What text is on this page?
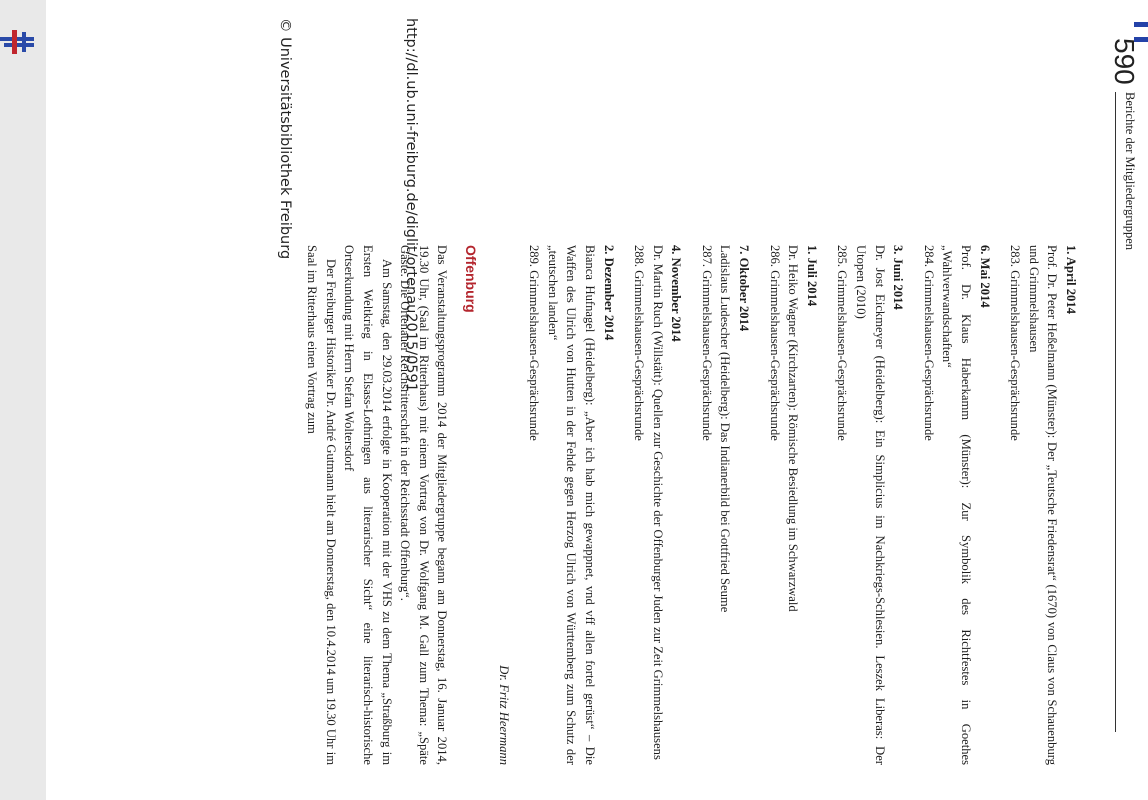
http://dl.ub.uni-freiburg.de/diglit/ortenau2015/0591
© Universitätsbibliothek Freiburg	590
Berichte der Mitgliedergruppen

1. April 2014

Prof. Dr. Peter Heßelmann (Münster): Der „Teutsche Friedensrat“ (1670) von Claus von Schauenburg und Grimmelshausen

283. Grimmelshausen-Gesprächsrunde

6. Mai 2014

Prof. Dr. Klaus Haberkamm (Münster): Zur Symbolik des Richtfestes in Goethes „Wahlverwandschaften“

284. Grimmelshausen-Gesprächsrunde

3. Juni 2014

Dr. Jost Eickmeyer (Heidelberg): Ein Simplicius im Nachkriegs-Schlesien. Leszek Liberas: Der Utopen (2010)

285. Grimmelshausen-Gesprächsrunde

1. Juli 2014

Dr. Heiko Wagner (Kirchzarten): Römische Besiedlung im Schwarzwald

286. Grimmelshausen-Gesprächsrunde

7. Oktober 2014

Ladislaus Ludescher (Heidelberg): Das Indianerbild bei Gottfried Seume

287. Grimmelshausen-Gesprächsrunde

4. November 2014

Dr. Martin Ruch (Willstätt): Quellen zur Geschichte der Offenburger Juden zur Zeit Grimmelshausens

288. Grimmelshausen-Gesprächsrunde

2. Dezember 2014

Bianca Hufnagel (Heidelberg): „Aber ich hab mich gewappnet, vnd vff allen fortel gerüst“ – Die Waffen des Ulrich von Hutten in der Fehde gegen Herzog Ulrich von Württemberg zum Schutz der „teutschen landen“

289. Grimmelshausen-Gesprächsrunde

Dr. Fritz Heermann

Offenburg

Das Veranstaltungsprogramm 2014 der Mitgliedergruppe begann am Donnerstag, 16. Januar 2014, 19.30 Uhr, (Saal im Ritterhaus) mit einem Vortrag von Dr. Wolfgang M. Gall zum Thema: „Späte Gäste. Die Ortenauer Reichsritterschaft in der Reichsstadt Offenburg“.

Am Samstag, den 29.03.2014 erfolgte in Kooperation mit der VHS zu dem Thema „Straßburg im Ersten Weltkrieg in Elsass-Lothringen aus literarischer Sicht“ eine literarisch-historische Ortserkundung mit Herrn Stefan Woltersdorf

Der Freiburger Historiker Dr. André Gutmann hielt am Donnerstag, den 10.4.2014 um 19.30 Uhr im Saal im Ritterhaus einen Vortrag zum
